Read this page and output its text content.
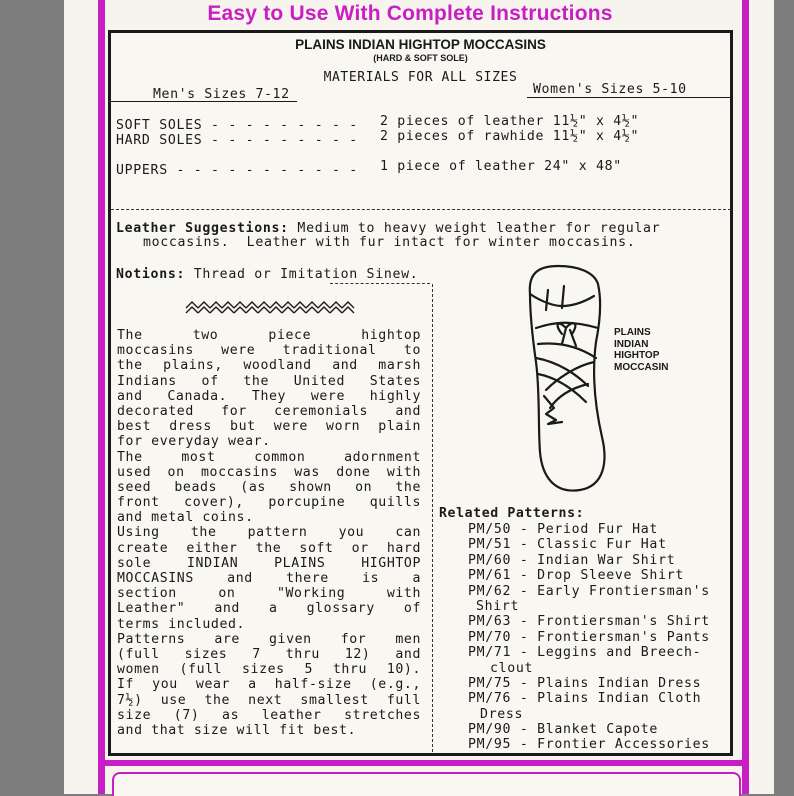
Easy to Use With Complete Instructions
PLAINS INDIAN HIGHTOP MOCCASINS
(HARD & SOFT SOLE)
MATERIALS FOR ALL SIZES
Men's Sizes 7-12	Women's Sizes 5-10
SOFT SOLES - - - - - - - - - 2 pieces of leather 11½" x 4½"
HARD SOLES - - - - - - - - - 2 pieces of rawhide 11½" x 4½"
UPPERS - - - - - - - - - - - 1 piece of leather 24" x 48"
Leather Suggestions: Medium to heavy weight leather for regular
moccasins.  Leather with fur intact for winter moccasins.
Notions: Thread or Imitation Sinew.
The two piece hightop
moccasins were traditional to
the plains, woodland and marsh
Indians of the United States
and Canada. They were highly
decorated for ceremonials and
best dress but were worn plain
for everyday wear.
The most common adornment
used on moccasins was done with
seed beads (as shown on the
front cover), porcupine quills
and metal coins.
Using the pattern you can
create either the soft or hard
sole INDIAN PLAINS HIGHTOP
MOCCASINS and there is a
section on "Working with
Leather" and a glossary of
terms included.
Patterns are given for men
(full sizes 7 thru 12) and
women (full sizes 5 thru 10).
If you wear a half-size (e.g.,
7½) use the next smallest full
size (7) as leather stretches
and that size will fit best.
PLAINS
INDIAN
HIGHTOP
MOCCASIN
Related Patterns:
PM/50 - Period Fur Hat
PM/51 - Classic Fur Hat
PM/60 - Indian War Shirt
PM/61 - Drop Sleeve Shirt
PM/62 - Early Frontiersman's
Shirt
PM/63 - Frontiersman's Shirt
PM/70 - Frontiersman's Pants
PM/71 - Leggins and Breech-
clout
PM/75 - Plains Indian Dress
PM/76 - Plains Indian Cloth
Dress
PM/90 - Blanket Capote
PM/95 - Frontier Accessories
